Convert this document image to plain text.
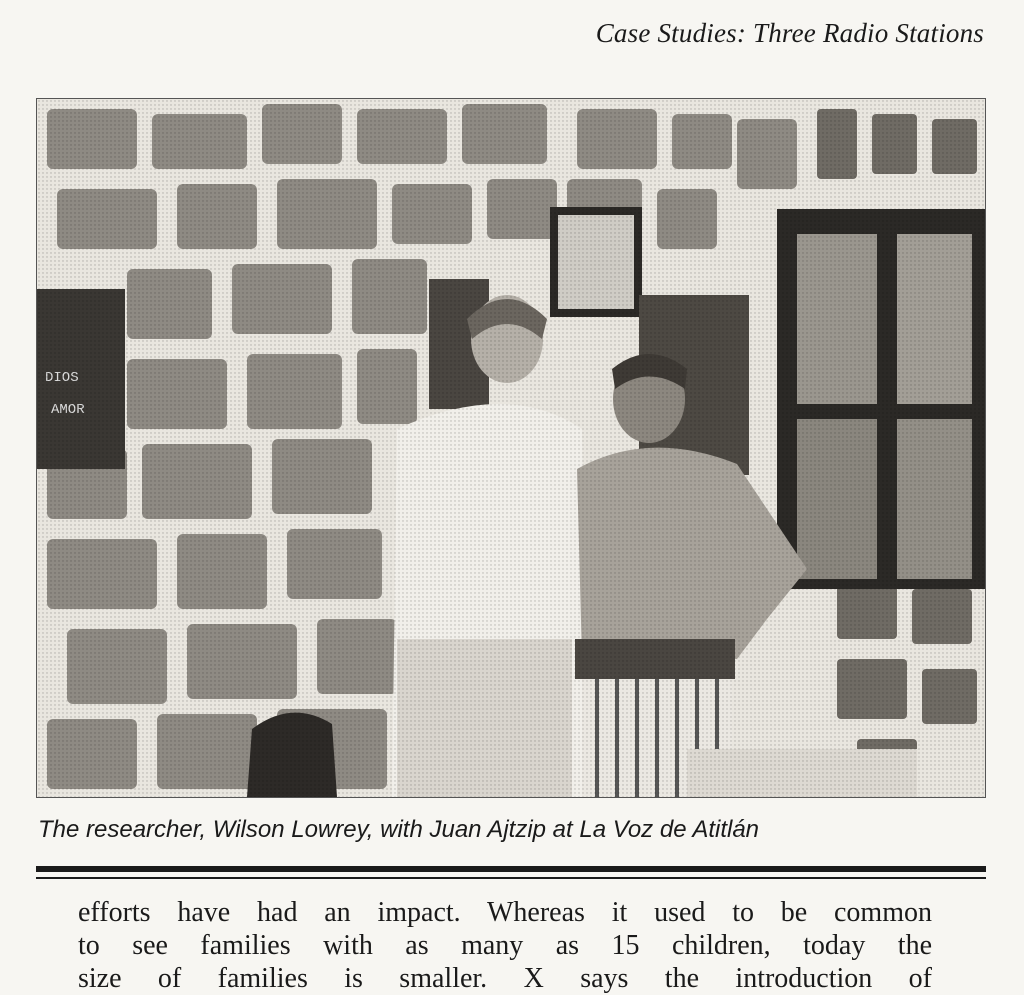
Case Studies: Three Radio Stations
The researcher, Wilson Lowrey, with Juan Ajtzip at La Voz de Atitlán

efforts have had an impact. Whereas it used to be common

to see families with as many as 15 children, today the

size of families is smaller. X says the introduction of
